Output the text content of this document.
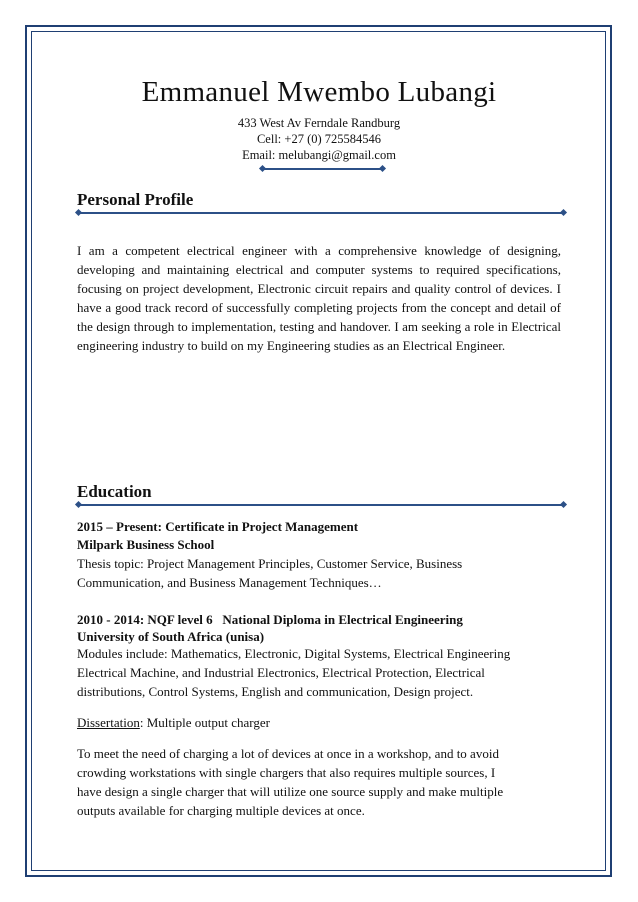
Emmanuel Mwembo Lubangi
433 West Av Ferndale Randburg
Cell: +27 (0) 725584546
Email: melubangi@gmail.com
Personal Profile

I am a competent electrical engineer with a comprehensive knowledge of designing, developing and maintaining electrical and computer systems to required specifications, focusing on project development, Electronic circuit repairs and quality control of devices. I have a good track record of successfully completing projects from the concept and detail of the design through to implementation, testing and handover. I am seeking a role in Electrical engineering industry to build on my Engineering studies as an Electrical Engineer.

Education
2015 – Present: Certificate in Project Management
Milpark Business School
Thesis topic: Project Management Principles, Customer Service, Business
Communication, and Business Management Techniques…
2010 - 2014: NQF level 6   National Diploma in Electrical Engineering
University of South Africa (unisa)
Modules include: Mathematics, Electronic, Digital Systems, Electrical Engineering
Electrical Machine, and Industrial Electronics, Electrical Protection, Electrical
distributions, Control Systems, English and communication, Design project.
Dissertation: Multiple output charger
To meet the need of charging a lot of devices at once in a workshop, and to avoid
crowding workstations with single chargers that also requires multiple sources, I
have design a single charger that will utilize one source supply and make multiple
outputs available for charging multiple devices at once.
